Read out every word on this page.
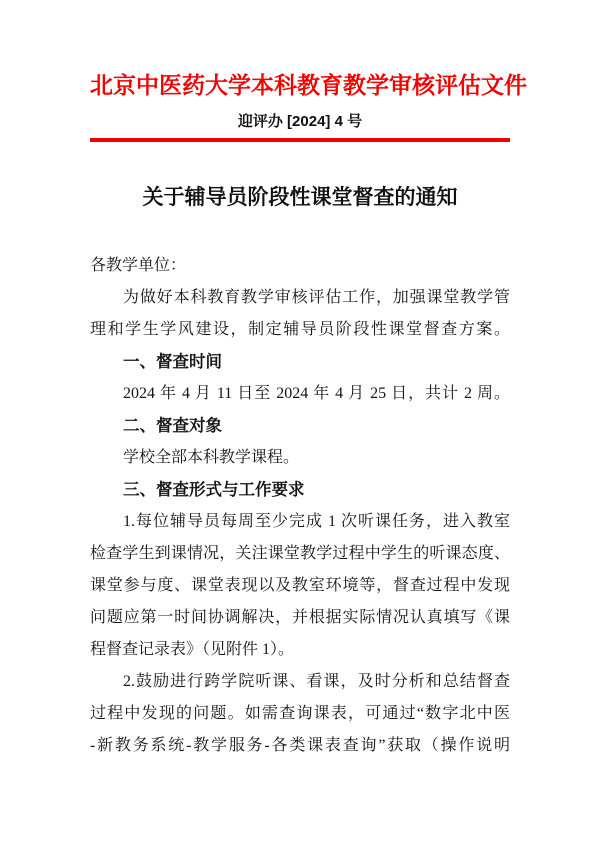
北京中医药大学本科教育教学审核评估文件
迎评办 [2024] 4 号
关于辅导员阶段性课堂督查的通知
各教学单位：
为做好本科教育教学审核评估工作，加强课堂教学管
理和学生学风建设，制定辅导员阶段性课堂督查方案。
一、督查时间
2024 年 4 月 11 日至 2024 年 4 月 25 日，共计 2 周。
二、督查对象
学校全部本科教学课程。
三、督查形式与工作要求
1.每位辅导员每周至少完成 1 次听课任务，进入教室
检查学生到课情况，关注课堂教学过程中学生的听课态度、
课堂参与度、课堂表现以及教室环境等，督查过程中发现
问题应第一时间协调解决，并根据实际情况认真填写《课
程督查记录表》（见附件 1）。
2.鼓励进行跨学院听课、看课，及时分析和总结督查
过程中发现的问题。如需查询课表，可通过“数字北中医
-新教务系统-教学服务-各类课表查询”获取（操作说明
